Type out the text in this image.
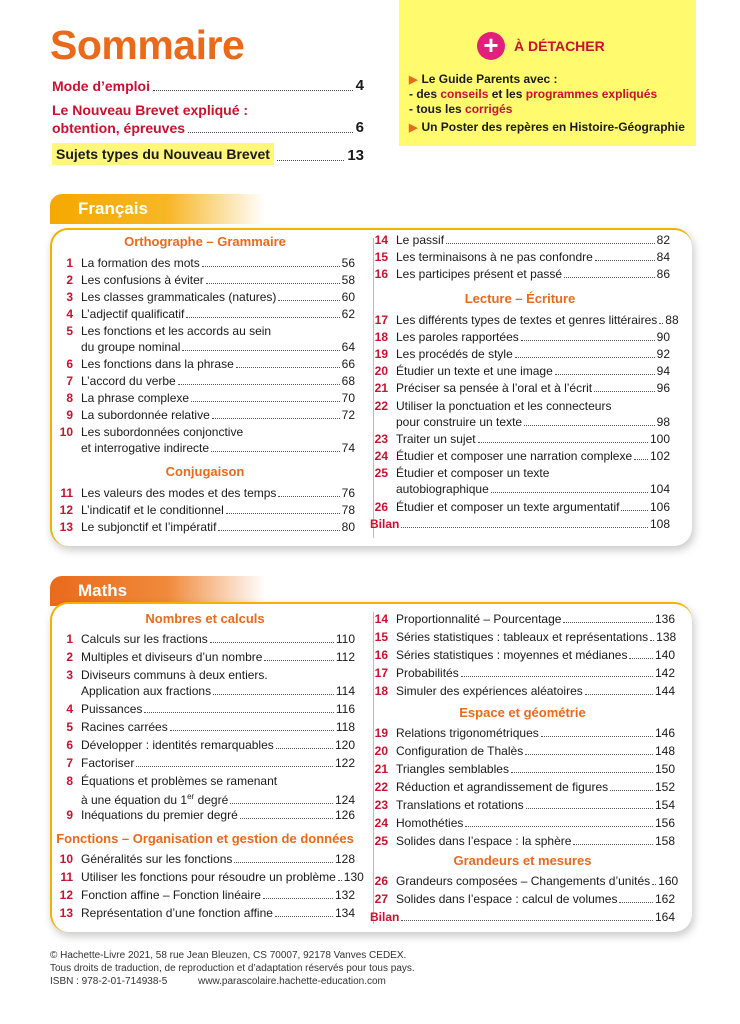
Sommaire
Mode d’emploi	4
Le Nouveau Brevet expliqué :
obtention, épreuves	6
Sujets types du Nouveau Brevet	13
+	À DÉTACHER
▶ Le Guide Parents avec :
- des conseils et les programmes expliqués
- tous les corrigés
▶ Un Poster des repères en Histoire-Géographie
Français
Orthographe – Grammaire
1 La formation des mots	56
2 Les confusions à éviter	58
3 Les classes grammaticales (natures)	60
4 L’adjectif qualificatif	62
5 Les fonctions et les accords au sein
du groupe nominal	64
6 Les fonctions dans la phrase	66
7 L’accord du verbe	68
8 La phrase complexe	70
9 La subordonnée relative	72
10 Les subordonnées conjonctive
et interrogative indirecte	74
Conjugaison
11 Les valeurs des modes et des temps	76
12 L’indicatif et le conditionnel	78
13 Le subjonctif et l’impératif	80
14 Le passif	82
15 Les terminaisons à ne pas confondre	84
16 Les participes présent et passé	86
Lecture – Écriture
17 Les différents types de textes et genres littéraires 88
18 Les paroles rapportées	90
19 Les procédés de style	92
20 Étudier un texte et une image	94
21 Préciser sa pensée à l’oral et à l’écrit	96
22 Utiliser la ponctuation et les connecteurs
pour construire un texte	98
23 Traiter un sujet	100
24 Étudier et composer une narration complexe 102
25 Étudier et composer un texte
autobiographique	104
26 Étudier et composer un texte argumentatif	106
Bilan	108
Maths
Nombres et calculs
1 Calculs sur les fractions	110
2 Multiples et diviseurs d’un nombre	112
3 Diviseurs communs à deux entiers.
Application aux fractions	114
4 Puissances	116
5 Racines carrées	118
6 Développer : identités remarquables	120
7 Factoriser	122
8 Équations et problèmes se ramenant
à une équation du 1er degré	124
9 Inéquations du premier degré	126
Fonctions – Organisation et gestion de données
10 Généralités sur les fonctions	128
11 Utiliser les fonctions pour résoudre un problème 130
12 Fonction affine – Fonction linéaire	132
13 Représentation d’une fonction affine	134
14 Proportionnalité – Pourcentage	136
15 Séries statistiques : tableaux et représentations 138
16 Séries statistiques : moyennes et médianes 140
17 Probabilités	142
18 Simuler des expériences aléatoires	144
Espace et géométrie
19 Relations trigonométriques	146
20 Configuration de Thalès	148
21 Triangles semblables	150
22 Réduction et agrandissement de figures	152
23 Translations et rotations	154
24 Homothéties	156
25 Solides dans l’espace : la sphère	158
Grandeurs et mesures
26 Grandeurs composées – Changements d’unités 160
27 Solides dans l’espace : calcul de volumes	162
Bilan	164
© Hachette-Livre 2021, 58 rue Jean Bleuzen, CS 70007, 92178 Vanves CEDEX.
Tous droits de traduction, de reproduction et d’adaptation réservés pour tous pays.
ISBN : 978-2-01-714938-5	www.parascolaire.hachette-education.com
